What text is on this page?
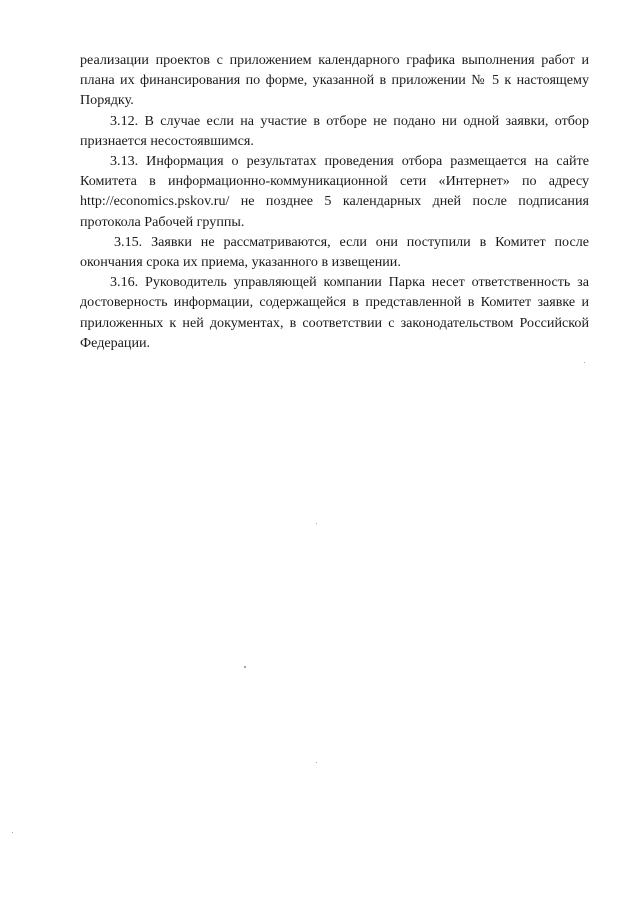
реализации проектов с приложением календарного графика выполнения работ и плана их финансирования по форме, указанной в приложении № 5 к настоящему Порядку.

3.12. В случае если на участие в отборе не подано ни одной заявки, отбор признается несостоявшимся.

3.13. Информация о результатах проведения отбора размещается на сайте Комитета в информационно-коммуникационной сети «Интернет» по адресу http://economics.pskov.ru/ не позднее 5 календарных дней после подписания протокола Рабочей группы.

3.15. Заявки не рассматриваются, если они поступили в Комитет после окончания срока их приема, указанного в извещении.

3.16. Руководитель управляющей компании Парка несет ответственность за достоверность информации, содержащейся в представленной в Комитет заявке и приложенных к ней документах, в соответствии с законодательством Российской Федерации.
